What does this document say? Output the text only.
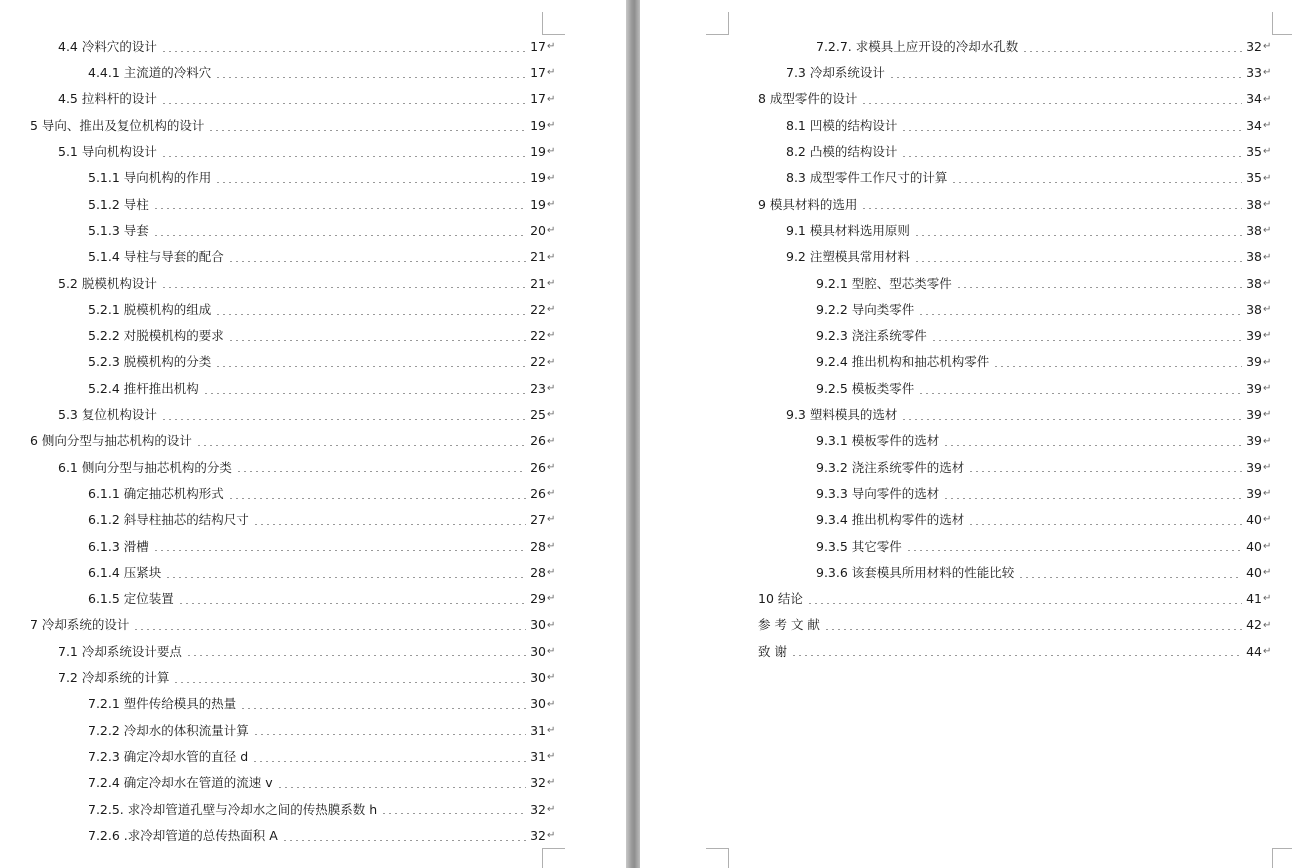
4.4 冷料穴的设计	17 ↵
4.4.1 主流道的冷料穴	17 ↵
4.5 拉料杆的设计	17 ↵
5 导向、推出及复位机构的设计	19 ↵
5.1 导向机构设计	19 ↵
5.1.1 导向机构的作用	19 ↵
5.1.2 导柱	19 ↵
5.1.3 导套	20 ↵
5.1.4 导柱与导套的配合	21 ↵
5.2 脱模机构设计	21 ↵
5.2.1 脱模机构的组成	22 ↵
5.2.2 对脱模机构的要求	22 ↵
5.2.3 脱模机构的分类	22 ↵
5.2.4 推杆推出机构	23 ↵
5.3 复位机构设计	25 ↵
6 侧向分型与抽芯机构的设计	26 ↵
6.1 侧向分型与抽芯机构的分类	26 ↵
6.1.1 确定抽芯机构形式	26 ↵
6.1.2 斜导柱抽芯的结构尺寸	27 ↵
6.1.3 滑槽	28 ↵
6.1.4 压紧块	28 ↵
6.1.5 定位装置	29 ↵
7 冷却系统的设计	30 ↵
7.1 冷却系统设计要点	30 ↵
7.2 冷却系统的计算	30 ↵
7.2.1 塑件传给模具的热量	30 ↵
7.2.2 冷却水的体积流量计算	31 ↵
7.2.3 确定冷却水管的直径 d	31 ↵
7.2.4 确定冷却水在管道的流速 v	32 ↵
7.2.5. 求冷却管道孔壁与冷却水之间的传热膜系数 h	32 ↵
7.2.6 .求冷却管道的总传热面积 A	32 ↵
7.2.7. 求模具上应开设的冷却水孔数	32 ↵
7.3 冷却系统设计	33 ↵
8 成型零件的设计	34 ↵
8.1 凹模的结构设计	34 ↵
8.2 凸模的结构设计	35 ↵
8.3 成型零件工作尺寸的计算	35 ↵
9 模具材料的选用	38 ↵
9.1 模具材料选用原则	38 ↵
9.2 注塑模具常用材料	38 ↵
9.2.1 型腔、型芯类零件	38 ↵
9.2.2 导向类零件	38 ↵
9.2.3 浇注系统零件	39 ↵
9.2.4 推出机构和抽芯机构零件	39 ↵
9.2.5 模板类零件	39 ↵
9.3 塑料模具的选材	39 ↵
9.3.1 模板零件的选材	39 ↵
9.3.2 浇注系统零件的选材	39 ↵
9.3.3 导向零件的选材	39 ↵
9.3.4 推出机构零件的选材	40 ↵
9.3.5 其它零件	40 ↵
9.3.6 该套模具所用材料的性能比较	40 ↵
10 结论	41 ↵
参 考 文 献	42 ↵
致 谢	44 ↵
